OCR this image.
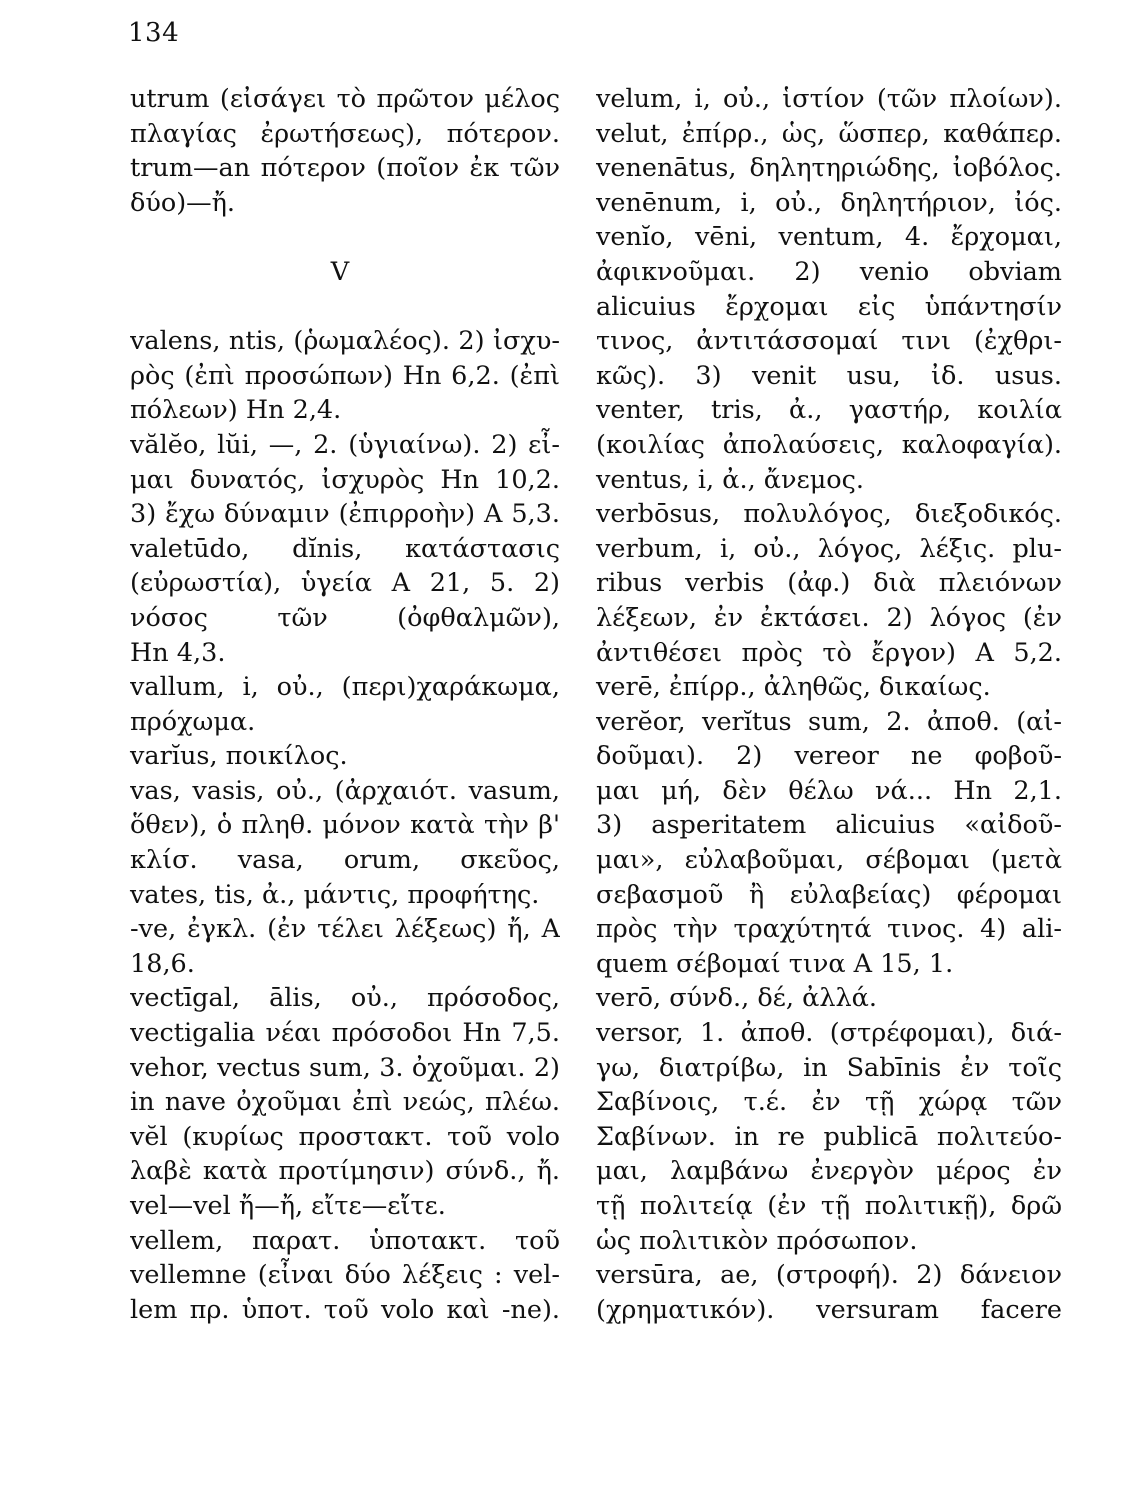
134
utrum (εἰσάγει τὸ πρῶτον μέλος
πλαγίας ἐρωτήσεως), πότερον.
trum—an πότερον (ποῖον ἐκ τῶν
δύο)—ἤ.
V
valens, ntis, (ῥωμαλέος). 2) ἰσχυ-
ρὸς (ἐπὶ προσώπων) Hn 6,2. (ἐπὶ
πόλεων) Hn 2,4.
vălĕo, lŭi, —, 2. (ὑγιαίνω). 2) εἶ-
μαι δυνατός, ἰσχυρὸς Hn 10,2.
3) ἔχω δύναμιν (ἐπιρροὴν) A 5,3.
valetūdo, dĭnis, κατάστασις
(εὐρωστία), ὑγεία A 21, 5. 2)
νόσος τῶν (ὀφθαλμῶν),
Hn 4,3.
vallum, i, οὐ., (περι)χαράκωμα,
πρόχωμα.
varĭus, ποικίλος.
vas, vasis, οὐ., (ἀρχαιότ. vasum,
ὅθεν), ὁ πληθ. μόνον κατὰ τὴν β'
κλίσ. vasa, orum, σκεῦος,
vates, tis, ἀ., μάντις, προφήτης.
-ve, ἐγκλ. (ἐν τέλει λέξεως) ἤ, A
18,6.
vectīgal, ālis, οὐ., πρόσοδος,
vectigalia νέαι πρόσοδοι Hn 7,5.
vehor, vectus sum, 3. ὀχοῦμαι. 2)
in nave ὀχοῦμαι ἐπὶ νεώς, πλέω.
vĕl (κυρίως προστακτ. τοῦ volo
λαβὲ κατὰ προτίμησιν) σύνδ., ἤ.
vel—vel ἤ—ἤ, εἴτε—εἴτε.
vellem, παρατ. ὑποτακτ. τοῦ
vellemne (εἶναι δύο λέξεις : vel-
lem πρ. ὑποτ. τοῦ volo καὶ -ne).
velum, i, οὐ., ἱστίον (τῶν πλοίων).
velut, ἐπίρρ., ὡς, ὥσπερ, καθάπερ.
venenātus, δηλητηριώδης, ἰοβόλος.
venēnum, i, οὐ., δηλητήριον, ἰός.
venĭo, vēni, ventum, 4. ἔρχομαι,
ἀφικνοῦμαι. 2) venio obviam
alicuius ἔρχομαι εἰς ὑπάντησίν
τινος, ἀντιτάσσομαί τινι (ἐχθρι-
κῶς). 3) venit usu, ἰδ. usus.
venter, tris, ἀ., γαστήρ, κοιλία
(κοιλίας ἀπολαύσεις, καλοφαγία).
ventus, i, ἀ., ἄνεμος.
verbōsus, πολυλόγος, διεξοδικός.
verbum, i, οὐ., λόγος, λέξις. plu-
ribus verbis (ἀφ.) διὰ πλειόνων
λέξεων, ἐν ἐκτάσει. 2) λόγος (ἐν
ἀντιθέσει πρὸς τὸ ἔργον) A 5,2.
verē, ἐπίρρ., ἀληθῶς, δικαίως.
verĕor, verĭtus sum, 2. ἀποθ. (αἰ-
δοῦμαι). 2) vereor ne φοβοῦ-
μαι μή, δὲν θέλω νά... Hn 2,1.
3) asperitatem alicuius «αἰδοῦ-
μαι», εὐλαβοῦμαι, σέβομαι (μετὰ
σεβασμοῦ ἢ εὐλαβείας) φέρομαι
πρὸς τὴν τραχύτητά τινος. 4) ali-
quem σέβομαί τινα A 15, 1.
verō, σύνδ., δέ, ἀλλά.
versor, 1. ἀποθ. (στρέφομαι), διά-
γω, διατρίβω, in Sabīnis ἐν τοῖς
Σαβίνοις, τ.έ. ἐν τῇ χώρᾳ τῶν
Σαβίνων. in re publicā πολιτεύο-
μαι, λαμβάνω ἐνεργὸν μέρος ἐν
τῇ πολιτείᾳ (ἐν τῇ πολιτικῇ), δρῶ
ὡς πολιτικὸν πρόσωπον.
versūra, ae, (στροφή). 2) δάνειον
(χρηματικόν). versuram facere
